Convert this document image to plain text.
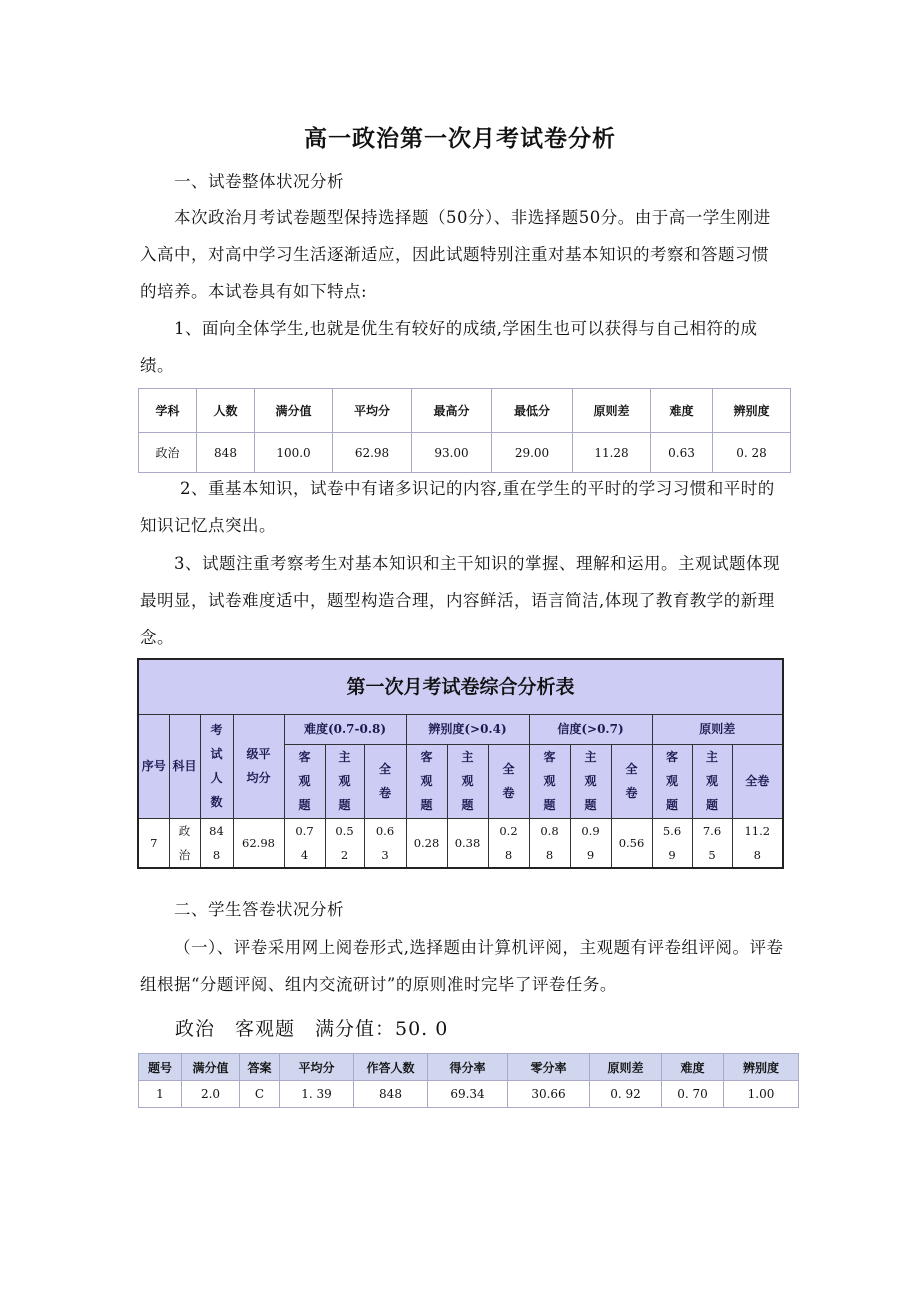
高一政治第一次月考试卷分析
一、试卷整体状况分析
本次政治月考试卷题型保持选择题（50分）、非选择题50分。由于高一学生刚进入高中，对高中学习生活逐渐适应，因此试题特别注重对基本知识的考察和答题习惯的培养。本试卷具有如下特点:
1、面向全体学生,也就是优生有较好的成绩,学困生也可以获得与自己相符的成绩。
学科	人数	满分值	平均分	最高分	最低分	原则差	难度	辨别度
政治	848	100.0	62.98	93.00	29.00	11.28	0.63	0. 28
2、重基本知识，试卷中有诸多识记的内容,重在学生的平时的学习习惯和平时的知识记忆点突出。
3、试题注重考察考生对基本知识和主干知识的掌握、理解和运用。主观试题体现最明显，试卷难度适中，题型构造合理，内容鲜活，语言简洁,体现了教育教学的新理念。
第一次月考试卷综合分析表															
序号	科目	考试人数	级平均分	难度(0.7-0.8)			辨别度(>0.4)			信度(>0.7)			原则差		
				客观题	主观题	全卷	客观题	主观题	全卷	客观题	主观题	全卷	客观题	主观题	全卷
7	政治	848	62.98	0.74	0.52	0.63	0.28	0.38	0.28	0.88	0.99	0.56	5.69	7.65	11.28
二、学生答卷状况分析
（一）、评卷采用网上阅卷形式,选择题由计算机评阅，主观题有评卷组评阅。评卷组根据“分题评阅、组内交流研讨”的原则准时完毕了评卷任务。
政治　客观题　满分值：50. 0
题号	满分值	答案	平均分	作答人数	得分率	零分率	原则差	难度	辨别度
1	2.0	C	1. 39	848	69.34	30.66	0. 92	0. 70	1.00
